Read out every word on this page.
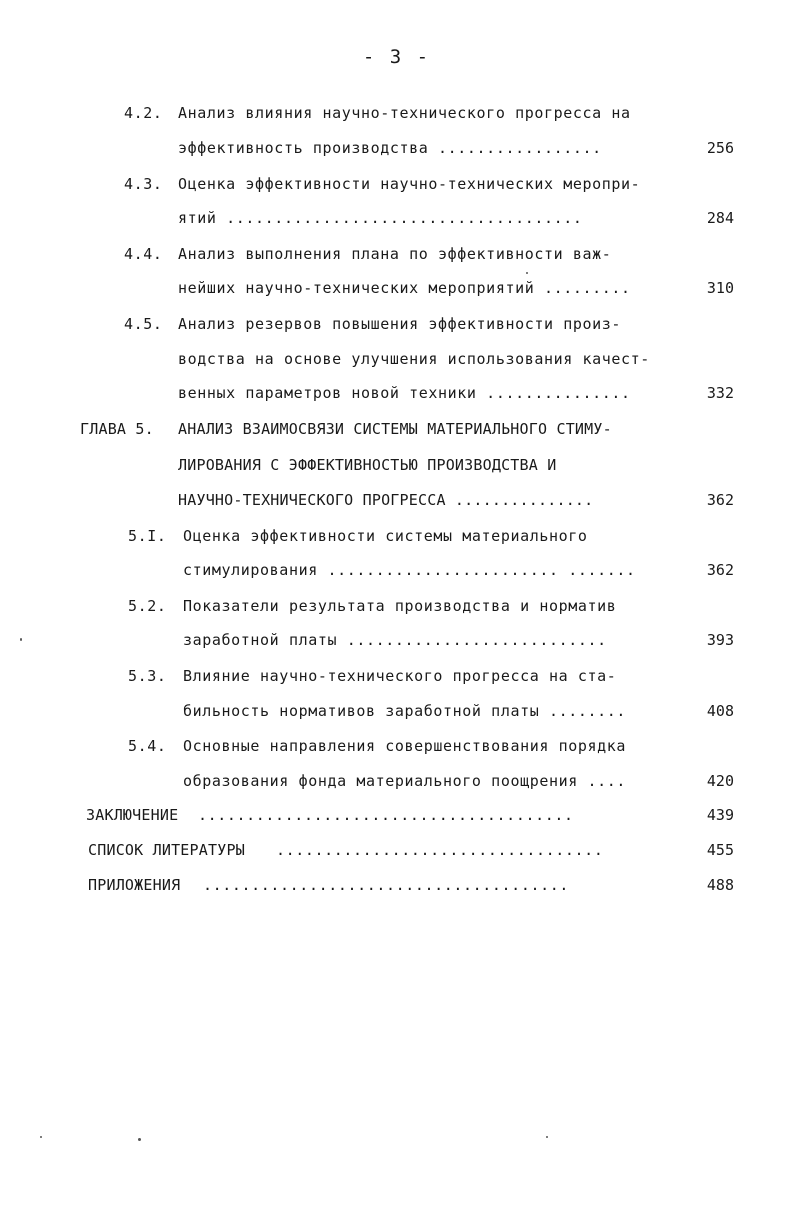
- 3 -
4.2. Анализ влияния научно-технического прогресса на
эффективность производства .................	256
4.3. Оценка эффективности научно-технических меропри-
ятий .....................................	284
4.4. Анализ выполнения плана по эффективности важ-
нейших научно-технических мероприятий .........	310
4.5. Анализ резервов повышения эффективности произ-
водства на основе улучшения использования качест-
венных параметров новой техники ...............	332
ГЛАВА 5. АНАЛИЗ ВЗАИМОСВЯЗИ СИСТЕМЫ МАТЕРИАЛЬНОГО СТИМУ-
ЛИРОВАНИЯ С ЭФФЕКТИВНОСТЬЮ ПРОИЗВОДСТВА И
НАУЧНО-ТЕХНИЧЕСКОГО ПРОГРЕССА ...............	362
5.I. Оценка эффективности системы материального
стимулирования ........................ .......	362
5.2. Показатели результата производства и норматив
заработной платы ...........................	393
5.3. Влияние научно-технического прогресса на ста-
бильность нормативов заработной платы ........	408
5.4. Основные направления совершенствования порядка
образования фонда материального поощрения ....	420
ЗАКЛЮЧЕНИЕ .......................................	439
СПИСОК ЛИТЕРАТУРЫ ..................................	455
ПРИЛОЖЕНИЯ ......................................	488
